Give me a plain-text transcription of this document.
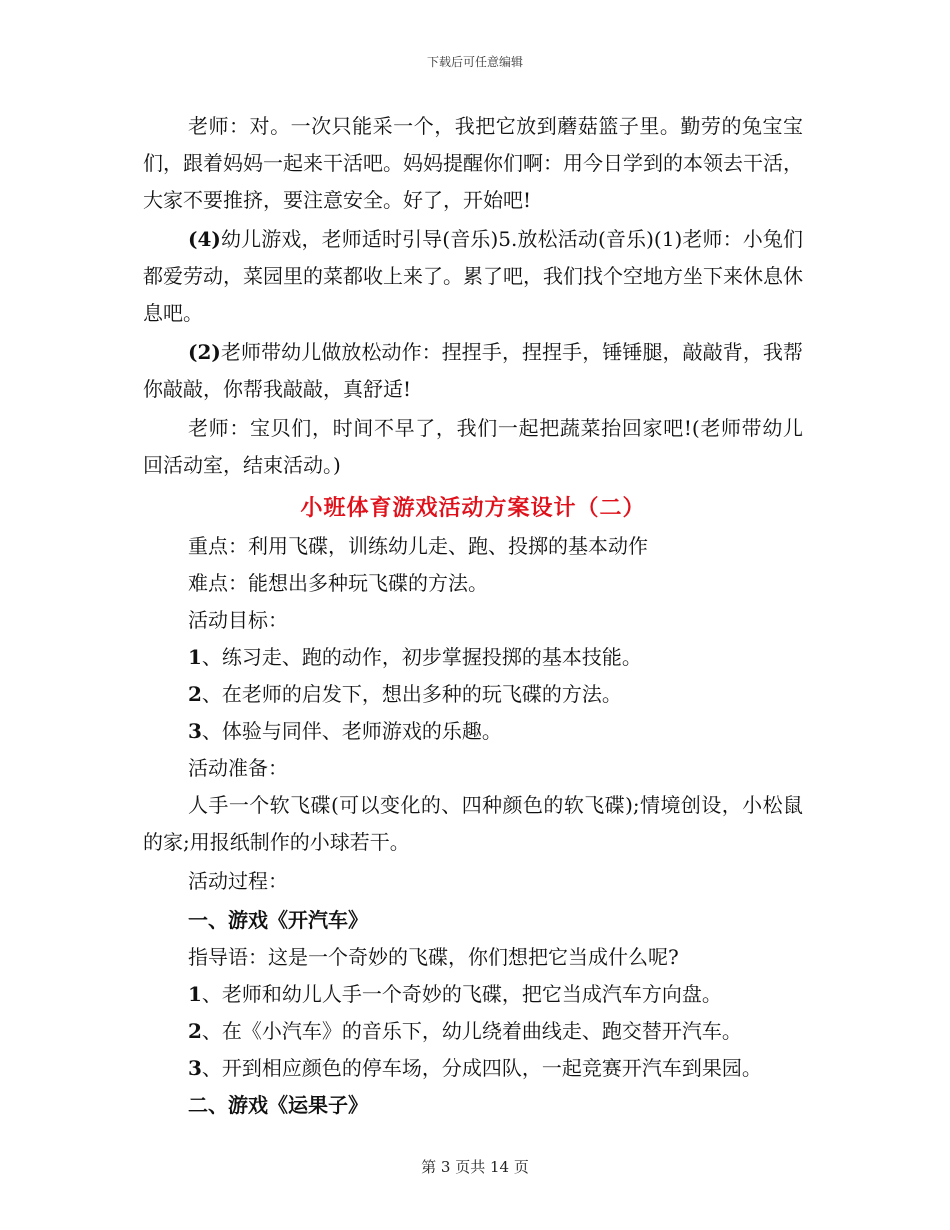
下载后可任意编辑

老师：对。一次只能采一个，我把它放到蘑菇篮子里。勤劳的兔宝宝们，跟着妈妈一起来干活吧。妈妈提醒你们啊：用今日学到的本领去干活，大家不要推挤，要注意安全。好了，开始吧!

(4)幼儿游戏，老师适时引导(音乐)5.放松活动(音乐)(1)老师：小兔们都爱劳动，菜园里的菜都收上来了。累了吧，我们找个空地方坐下来休息休息吧。

(2)老师带幼儿做放松动作：捏捏手，捏捏手，锤锤腿，敲敲背，我帮你敲敲，你帮我敲敲，真舒适!

老师：宝贝们，时间不早了，我们一起把蔬菜抬回家吧!(老师带幼儿回活动室，结束活动。)

小班体育游戏活动方案设计（二）

重点：利用飞碟，训练幼儿走、跑、投掷的基本动作

难点：能想出多种玩飞碟的方法。

活动目标：

1、练习走、跑的动作，初步掌握投掷的基本技能。

2、在老师的启发下，想出多种的玩飞碟的方法。

3、体验与同伴、老师游戏的乐趣。

活动准备：

人手一个软飞碟(可以变化的、四种颜色的软飞碟);情境创设，小松鼠的家;用报纸制作的小球若干。

活动过程：

一、游戏《开汽车》

指导语：这是一个奇妙的飞碟，你们想把它当成什么呢?

1、老师和幼儿人手一个奇妙的飞碟，把它当成汽车方向盘。

2、在《小汽车》的音乐下，幼儿绕着曲线走、跑交替开汽车。

3、开到相应颜色的停车场，分成四队，一起竞赛开汽车到果园。

二、游戏《运果子》

第 3 页共 14 页
